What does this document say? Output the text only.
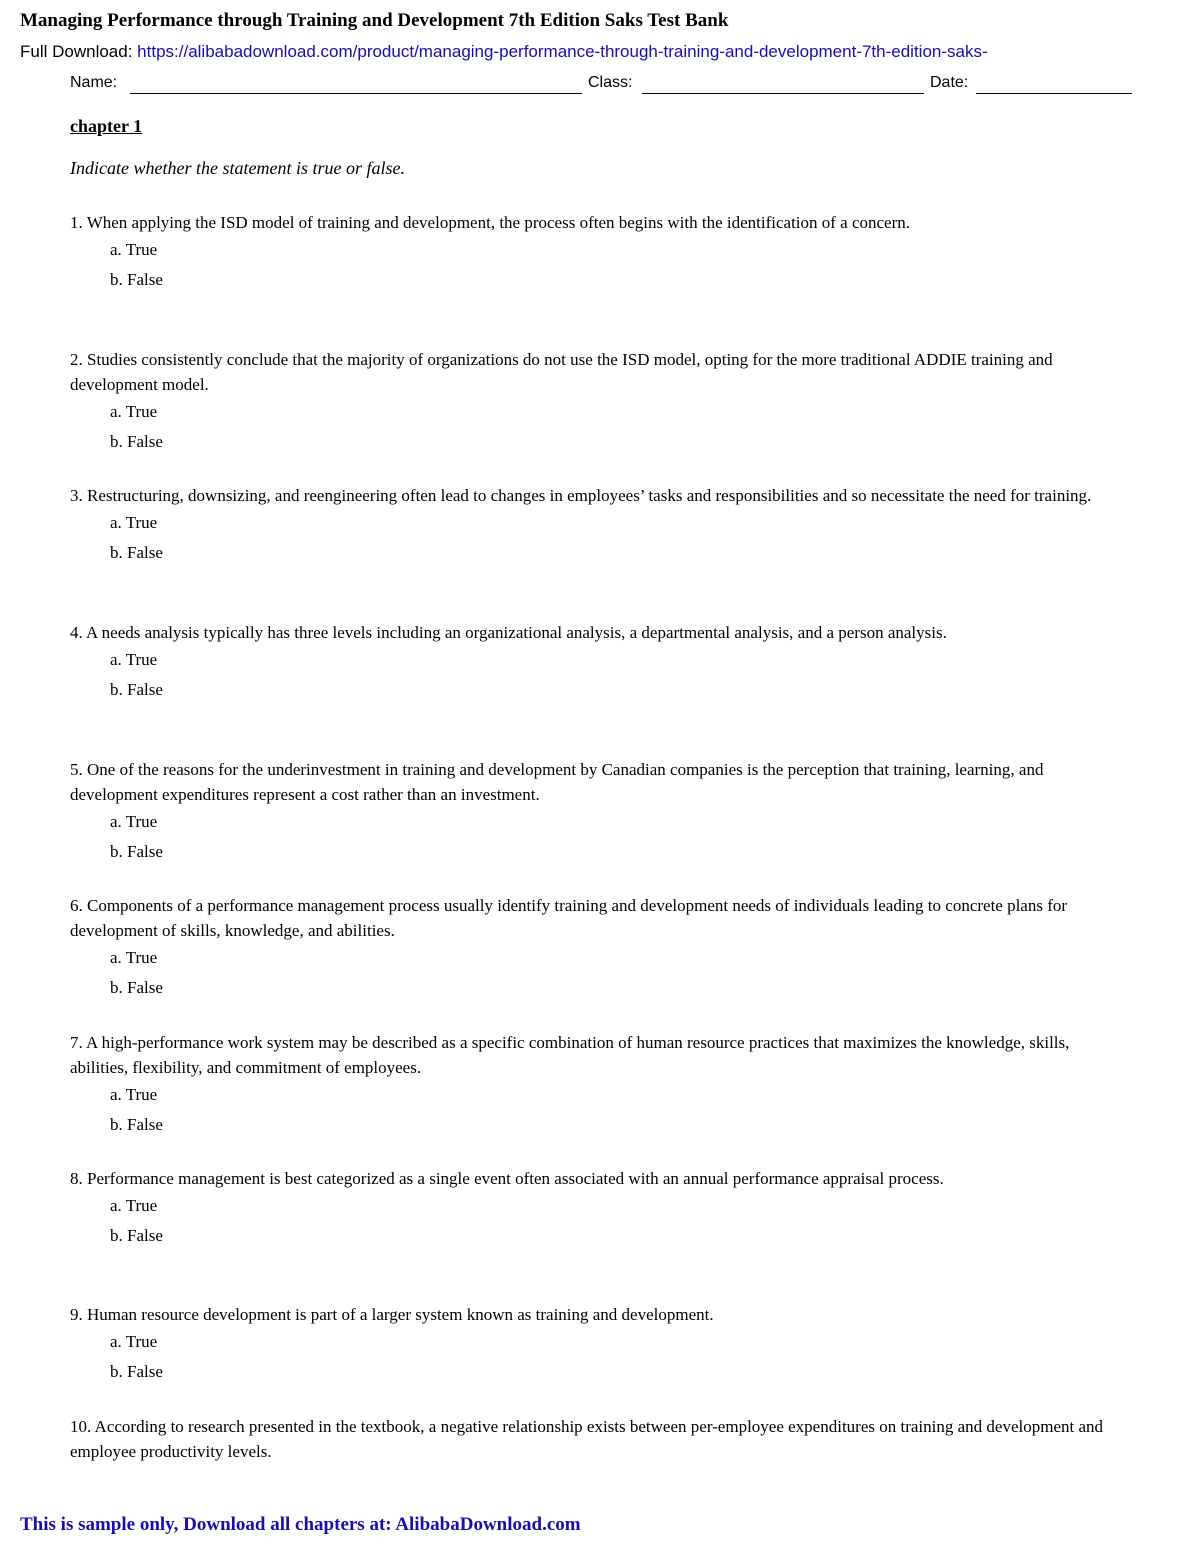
Managing Performance through Training and Development 7th Edition Saks Test Bank
Full Download: https://alibabadownload.com/product/managing-performance-through-training-and-development-7th-edition-saks-
Name:	Class:	Date:
chapter 1
Indicate whether the statement is true or false.
1. When applying the ISD model of training and development, the process often begins with the identification of a concern.
a. True
b. False
2. Studies consistently conclude that the majority of organizations do not use the ISD model, opting for the more traditional ADDIE training and development model.
a. True
b. False
3. Restructuring, downsizing, and reengineering often lead to changes in employees’ tasks and responsibilities and so necessitate the need for training.
a. True
b. False
4. A needs analysis typically has three levels including an organizational analysis, a departmental analysis, and a person analysis.
a. True
b. False
5. One of the reasons for the underinvestment in training and development by Canadian companies is the perception that training, learning, and development expenditures represent a cost rather than an investment.
a. True
b. False
6. Components of a performance management process usually identify training and development needs of individuals leading to concrete plans for development of skills, knowledge, and abilities.
a. True
b. False
7. A high-performance work system may be described as a specific combination of human resource practices that maximizes the knowledge, skills, abilities, flexibility, and commitment of employees.
a. True
b. False
8. Performance management is best categorized as a single event often associated with an annual performance appraisal process.
a. True
b. False
9. Human resource development is part of a larger system known as training and development.
a. True
b. False
10. According to research presented in the textbook, a negative relationship exists between per-employee expenditures on training and development and employee productivity levels.
This is sample only, Download all chapters at: AlibabaDownload.com
